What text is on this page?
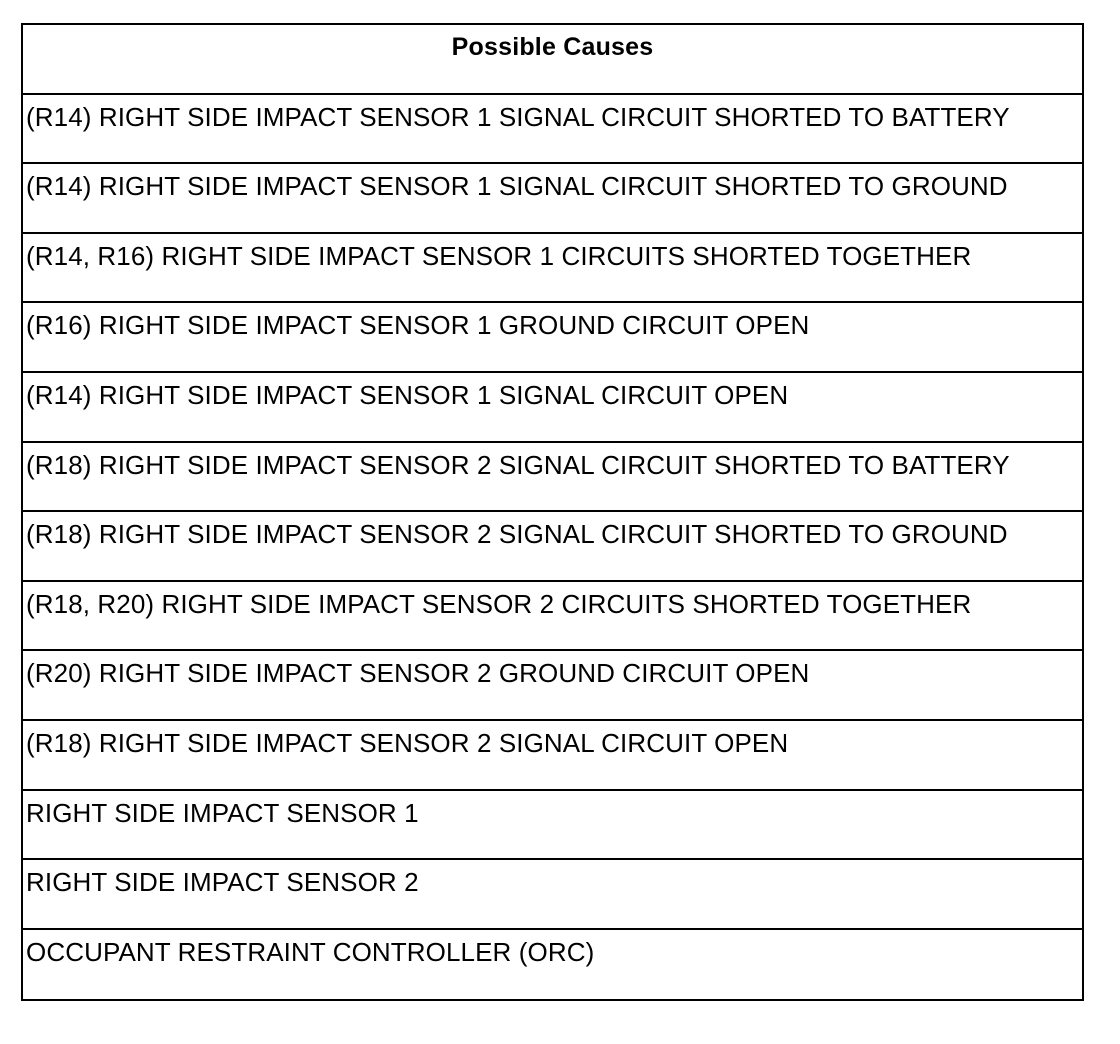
Possible Causes
(R14) RIGHT SIDE IMPACT SENSOR 1 SIGNAL CIRCUIT SHORTED TO BATTERY
(R14) RIGHT SIDE IMPACT SENSOR 1 SIGNAL CIRCUIT SHORTED TO GROUND
(R14, R16) RIGHT SIDE IMPACT SENSOR 1 CIRCUITS SHORTED TOGETHER
(R16) RIGHT SIDE IMPACT SENSOR 1 GROUND CIRCUIT OPEN
(R14) RIGHT SIDE IMPACT SENSOR 1 SIGNAL CIRCUIT OPEN
(R18) RIGHT SIDE IMPACT SENSOR 2 SIGNAL CIRCUIT SHORTED TO BATTERY
(R18) RIGHT SIDE IMPACT SENSOR 2 SIGNAL CIRCUIT SHORTED TO GROUND
(R18, R20) RIGHT SIDE IMPACT SENSOR 2 CIRCUITS SHORTED TOGETHER
(R20) RIGHT SIDE IMPACT SENSOR 2 GROUND CIRCUIT OPEN
(R18) RIGHT SIDE IMPACT SENSOR 2 SIGNAL CIRCUIT OPEN
RIGHT SIDE IMPACT SENSOR 1
RIGHT SIDE IMPACT SENSOR 2
OCCUPANT RESTRAINT CONTROLLER (ORC)
